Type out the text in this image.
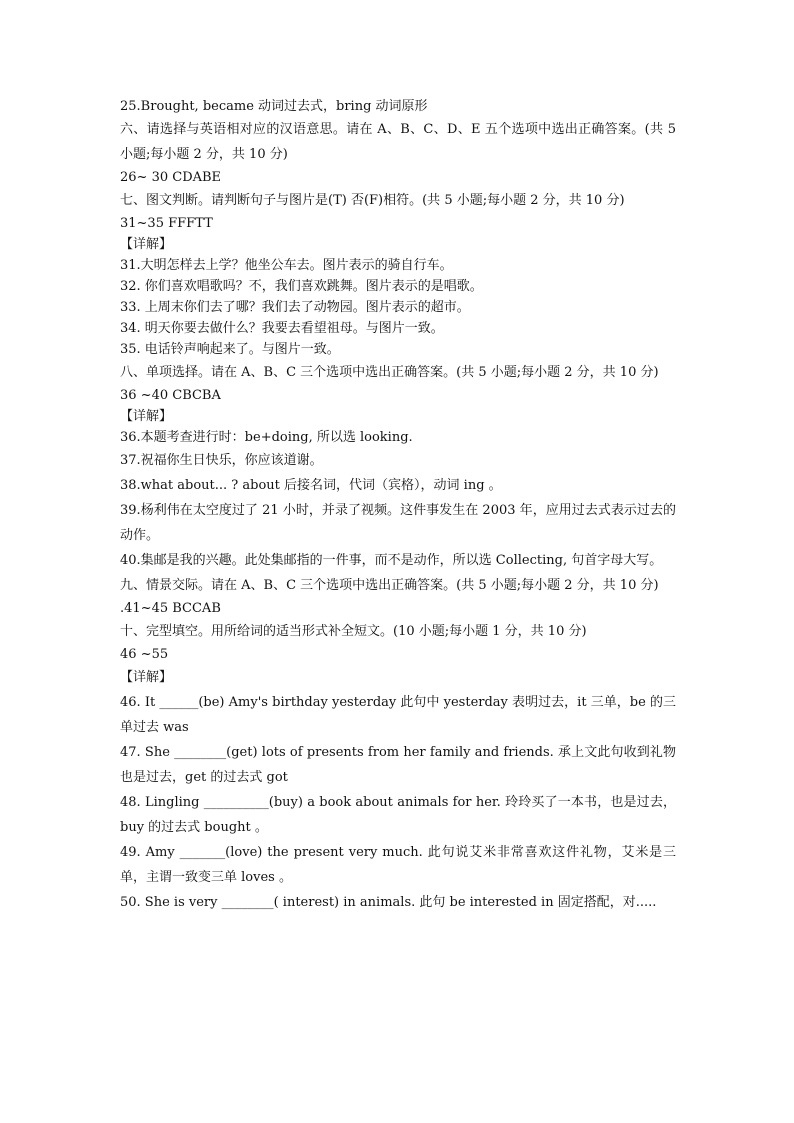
25.Brought, became 动词过去式，bring 动词原形
六、请选择与英语相对应的汉语意思。请在 A、B、C、D、E 五个选项中选出正确答案。(共 5 小题;每小题 2 分，共 10 分)
26~ 30 CDABE
七、图文判断。请判断句子与图片是(T) 否(F)相符。(共 5 小题;每小题 2 分，共 10 分)
31~35 FFFTT
【详解】
31.大明怎样去上学？他坐公车去。图片表示的骑自行车。
32. 你们喜欢唱歌吗？不，我们喜欢跳舞。图片表示的是唱歌。
33. 上周末你们去了哪？我们去了动物园。图片表示的超市。
34. 明天你要去做什么？我要去看望祖母。与图片一致。
35. 电话铃声响起来了。与图片一致。
八、单项选择。请在 A、B、C 三个选项中选出正确答案。(共 5 小题;每小题 2 分，共 10 分)
36 ~40 CBCBA
【详解】
36.本题考查进行时：be+doing, 所以选 looking.
37.祝福你生日快乐，你应该道谢。
38.what about... ? about 后接名词，代词（宾格），动词 ing 。
39.杨利伟在太空度过了 21 小时，并录了视频。这件事发生在 2003 年，应用过去式表示过去的动作。
40.集邮是我的兴趣。此处集邮指的一件事，而不是动作，所以选 Collecting, 句首字母大写。
九、情景交际。请在 A、B、C 三个选项中选出正确答案。(共 5 小题;每小题 2 分，共 10 分)
.41~45 BCCAB
十、完型填空。用所给词的适当形式补全短文。(10 小题;每小题 1 分，共 10 分)
46 ~55
【详解】
46. It ______(be) Amy's birthday yesterday 此句中 yesterday 表明过去，it 三单，be 的三单过去 was
47. She ________(get) lots of presents from her family and friends. 承上文此句收到礼物也是过去，get 的过去式 got
48. Lingling __________(buy) a book about animals for her. 玲玲买了一本书，也是过去，buy 的过去式 bought 。
49. Amy _______(love) the present very much. 此句说艾米非常喜欢这件礼物，艾米是三单，主谓一致变三单 loves 。
50. She is very ________( interest) in animals. 此句 be interested in 固定搭配，对.....
